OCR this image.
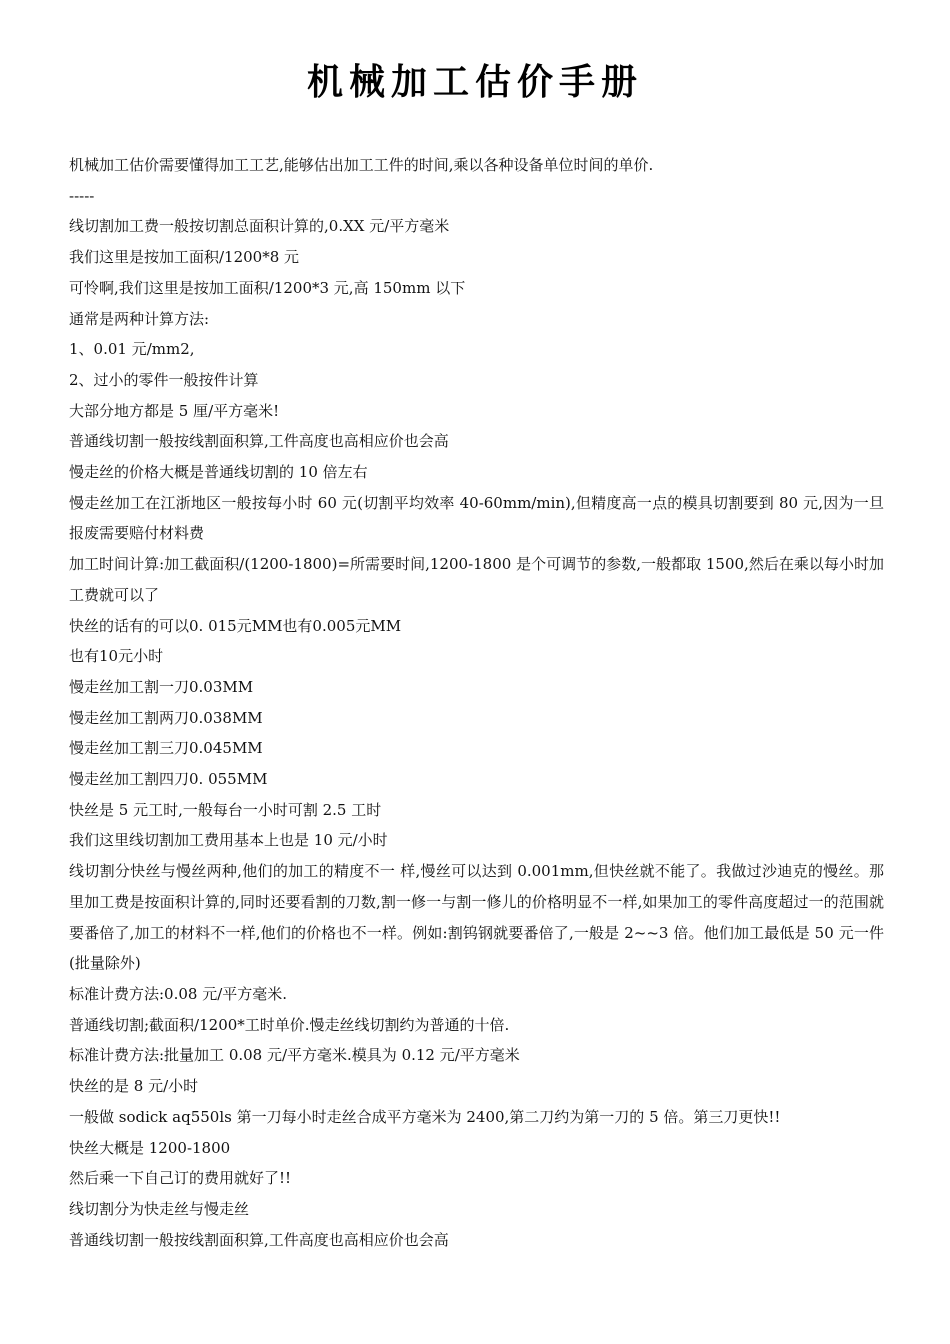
机械加工估价手册

机械加工估价需要懂得加工工艺,能够估出加工工件的时间,乘以各种设备单位时间的单价.

-----

线切割加工费一般按切割总面积计算的,0.XX 元/平方毫米

我们这里是按加工面积/1200*8 元

可怜啊,我们这里是按加工面积/1200*3 元,高 150mm 以下

通常是两种计算方法:

1、0.01 元/mm2,

2、过小的零件一般按件计算

大部分地方都是 5 厘/平方毫米!

普通线切割一般按线割面积算,工件高度也高相应价也会高

慢走丝的价格大概是普通线切割的 10 倍左右

慢走丝加工在江浙地区一般按每小时 60 元(切割平均效率 40-60mm/min),但精度高一点的模具切割要到 80 元,因为一旦报废需要赔付材料费

加工时间计算:加工截面积/(1200-1800)=所需要时间,1200-1800 是个可调节的参数,一般都取 1500,然后在乘以每小时加工费就可以了

快丝的话有的可以0. 015元MM也有0.005元MM

也有10元小时

慢走丝加工割一刀0.03MM

慢走丝加工割两刀0.038MM

慢走丝加工割三刀0.045MM

慢走丝加工割四刀0. 055MM

快丝是 5 元工时,一般每台一小时可割 2.5 工时

我们这里线切割加工费用基本上也是 10 元/小时

线切割分快丝与慢丝两种,他们的加工的精度不一 样,慢丝可以达到 0.001mm,但快丝就不能了。我做过沙迪克的慢丝。那里加工费是按面积计算的,同时还要看割的刀数,割一修一与割一修儿的价格明显不一样,如果加工的零件高度超过一的范围就要番倍了,加工的材料不一样,他们的价格也不一样。例如:割钨钢就要番倍了,一般是 2~~3 倍。他们加工最低是 50 元一件(批量除外)

标准计费方法:0.08 元/平方毫米.

普通线切割;截面积/1200*工时单价.慢走丝线切割约为普通的十倍.

标准计费方法:批量加工 0.08 元/平方毫米.模具为 0.12 元/平方毫米

快丝的是 8 元/小时

一般做 sodick aq550ls 第一刀每小时走丝合成平方毫米为 2400,第二刀约为第一刀的 5 倍。第三刀更快!!

快丝大概是 1200-1800

然后乘一下自己订的费用就好了!!

线切割分为快走丝与慢走丝

普通线切割一般按线割面积算,工件高度也高相应价也会高
